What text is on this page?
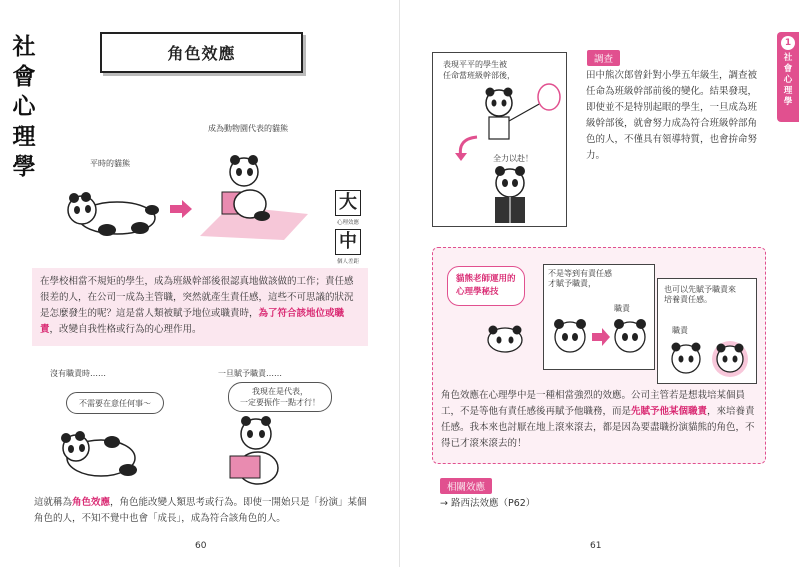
社
會
心
理
學
角色效應
平時的貓熊
成為動物園代表的貓熊
大
心理效應
中
個人差距
在學校相當不規矩的學生，成為班級幹部後很認真地做該做的工作；責任感很差的人，在公司一成為主管職，突然就產生責任感，這些不可思議的狀況是怎麼發生的呢？這是當人類被賦予地位或職責時，為了符合該地位或職責，改變自我性格或行為的心理作用。
沒有職責時……	一旦賦予職責……
不需要在意任何事～
我現在是代表，
一定要振作一點才行！
這就稱為角色效應，角色能改變人類思考或行為。即使一開始只是「扮演」某個角色的人，不知不覺中也會「成長」，成為符合該角色的人。
60
表現平平的學生被
任命當班級幹部後，
全力以赴！
調查
田中熊次郎曾針對小學五年級生，調查被任命為班級幹部前後的變化。結果發現，即使並不是特別起眼的學生，一旦成為班級幹部後，就會努力成為符合班級幹部角色的人，不僅具有領導特質，也會拚命努力。
1
社
會
心
理
學
貓熊老師運用的
心理學秘技
不是等到有責任感
才賦予職責，
職責
也可以先賦予職責來
培養責任感。
職責
角色效應在心理學中是一種相當強烈的效應。公司主管若是想栽培某個員工，不是等他有責任感後再賦予他職務，而是先賦予他某個職責，來培養責任感。我本來也討厭在地上滾來滾去，都是因為要盡職扮演貓熊的角色，不得已才滾來滾去的！
相關效應
→ 路西法效應（P62）
61
